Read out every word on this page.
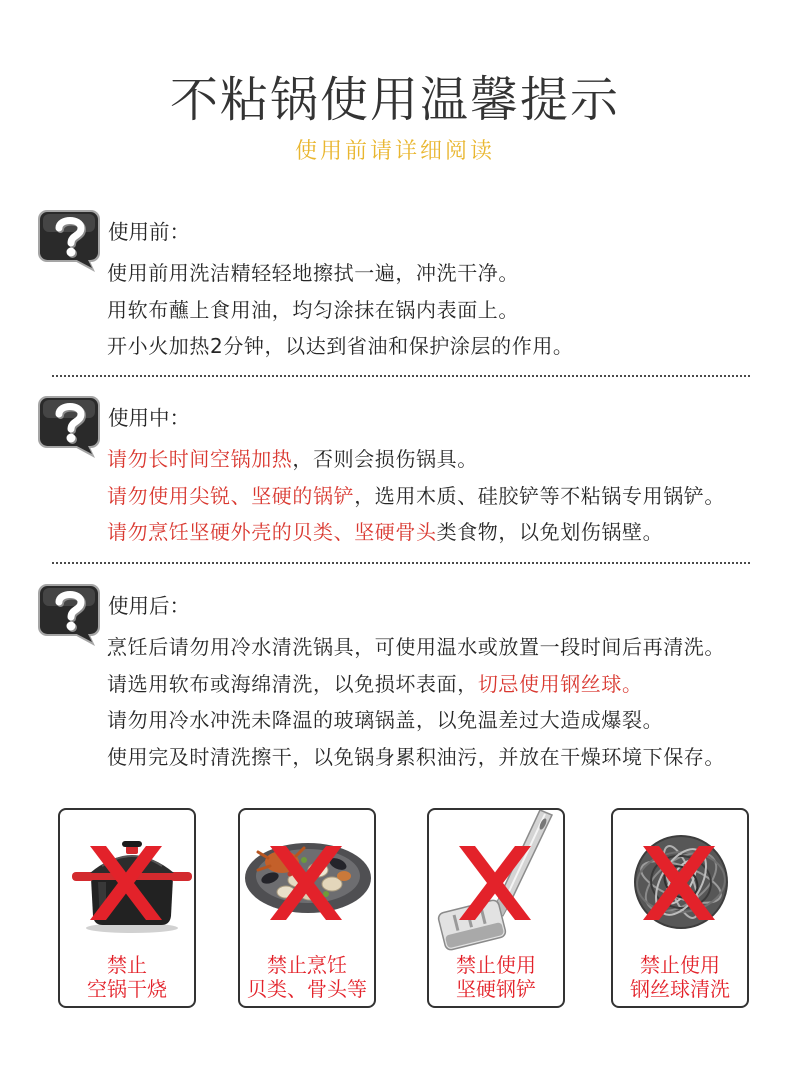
不粘锅使用温馨提示
使用前请详细阅读
使用前：
使用前用洗洁精轻轻地擦拭一遍，冲洗干净。
用软布蘸上食用油，均匀涂抹在锅内表面上。
开小火加热2分钟，以达到省油和保护涂层的作用。
使用中：
请勿长时间空锅加热，否则会损伤锅具。
请勿使用尖锐、坚硬的锅铲，选用木质、硅胶铲等不粘锅专用锅铲。
请勿烹饪坚硬外壳的贝类、坚硬骨头类食物，以免划伤锅壁。
使用后：
烹饪后请勿用冷水清洗锅具，可使用温水或放置一段时间后再清洗。
请选用软布或海绵清洗，以免损坏表面，切忌使用钢丝球。
请勿用冷水冲洗未降温的玻璃锅盖，以免温差过大造成爆裂。
使用完及时清洗擦干，以免锅身累积油污，并放在干燥环境下保存。
禁止
空锅干烧
禁止烹饪
贝类、骨头等
禁止使用
坚硬钢铲
禁止使用
钢丝球清洗
